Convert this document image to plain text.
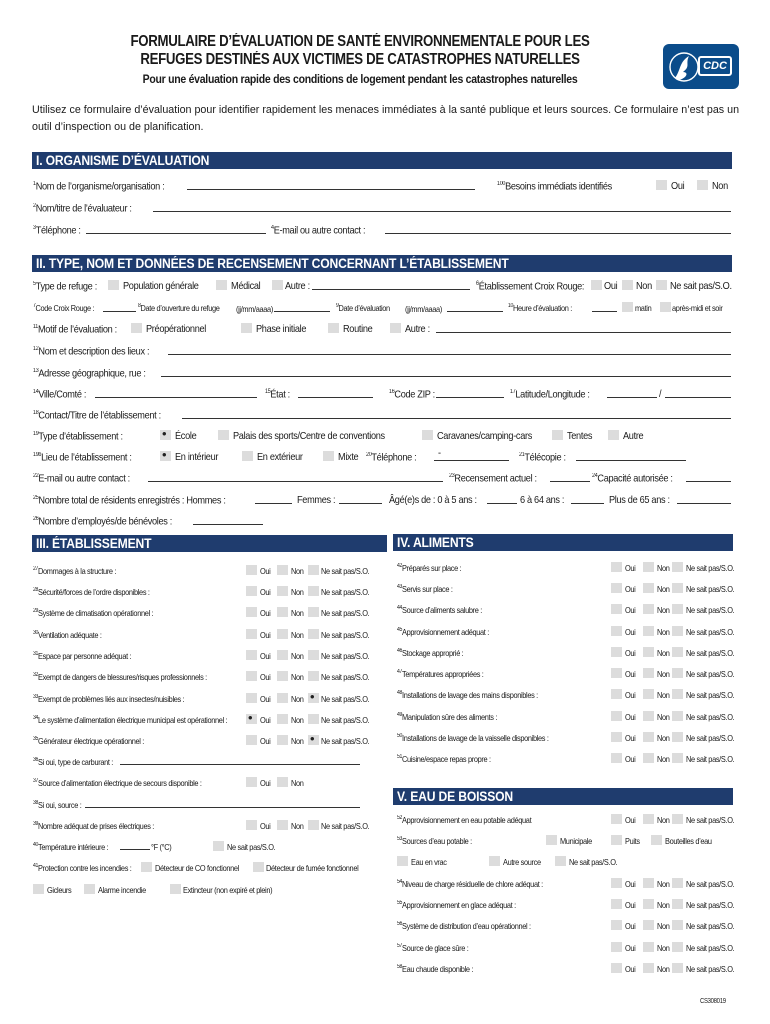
FORMULAIRE D’ÉVALUATION DE SANTÉ ENVIRONNEMENTALE POUR LES
REFUGES DESTINÉS AUX VICTIMES DE CATASTROPHES NATURELLES
Pour une évaluation rapide des conditions de logement pendant les catastrophes naturelles
CDC
Utilisez ce formulaire d’évaluation pour identifier rapidement les menaces immédiates à la santé publique et leurs sources. Ce formulaire n’est pas un outil d’inspection ou de planification.
I. ORGANISME D’ÉVALUATION
$^1$Nom de l’organisme/organisation :	$^{100}$Besoins immédiats identifiés	Oui	Non
$^2$Nom/titre de l’évaluateur :
$^3$Téléphone :	$^4$E-mail ou autre contact :
II. TYPE, NOM ET DONNÉES DE RECENSEMENT CONCERNANT L’ÉTABLISSEMENT
$^5$Type de refuge :	Population générale	Médical Autre :	$^6$Établissement Croix Rouge: Oui Non Ne sait pas/S.O.
$^7$Code Croix Rouge :	$^8$Date d’ouverture du refuge (jj/mm/aaaa)	$^9$Date d’évaluation (jj/mm/aaaa)	$^{10}$Heure d’évaluation :	matin après-midi et soir
$^{11}$Motif de l’évaluation :	Préopérationnel	Phase initiale	Routine	Autre :
$^{12}$Nom et description des lieux :
$^{13}$Adresse géographique, rue :
$^{14}$Ville/Comté :	$^{15}$État :	$^{16}$Code ZIP :	$^{17}$Latitude/Longitude :	/
$^{18}$Contact/Titre de l’établissement :
$^{19}$Type d’établissement : •	École	Palais des sports/Centre de conventions	Caravanes/camping-cars	Tentes	Autre
$^{19b}$Lieu de l’établissement : •	En intérieur	En extérieur	Mixte $^{20}$Téléphone : -	$^{21}$Télécopie :
$^{22}$E-mail ou autre contact :	$^{23}$Recensement actuel :	$^{24}$Capacité autorisée :
$^{25}$Nombre total de résidents enregistrés : Hommes :	Femmes :	Âgé(e)s de : 0 à 5 ans :	6 à 64 ans :	Plus de 65 ans :
$^{26}$Nombre d’employés/de bénévoles :
III. ÉTABLISSEMENT
$^{27}$Dommages à la structure :	Oui Non Ne sait pas/S.O.
$^{28}$Sécurité/forces de l’ordre disponibles :	Oui Non Ne sait pas/S.O.
$^{29}$Système de climatisation opérationnel :	Oui Non Ne sait pas/S.O.
$^{30}$Ventilation adéquate :	Oui Non Ne sait pas/S.O.
$^{31}$Espace par personne adéquat :	Oui Non Ne sait pas/S.O.
$^{32}$Exempt de dangers de blessures/risques professionnels :	Oui Non Ne sait pas/S.O.
$^{33}$Exempt de problèmes liés aux insectes/nuisibles :	Oui Non • Ne sait pas/S.O.
$^{34}$Le système d’alimentation électrique municipal est opérationnel : •	Oui Non Ne sait pas/S.O.
$^{35}$Générateur électrique opérationnel :	Oui Non • Ne sait pas/S.O.
$^{36}$Si oui, type de carburant :
$^{37}$Source d’alimentation électrique de secours disponible :	Oui Non
$^{38}$Si oui, source :
$^{39}$Nombre adéquat de prises électriques :	Oui Non Ne sait pas/S.O.
$^{40}$Température intérieure :	°F (°C)	Ne sait pas/S.O.
$^{41}$Protection contre les incendies :	Détecteur de CO fonctionnel	Détecteur de fumée fonctionnel
Gicleurs	Alarme incendie	Extincteur (non expiré et plein)
IV. ALIMENTS
$^{42}$Préparés sur place :	Oui	Non Ne sait pas/S.O.
$^{43}$Servis sur place :	Oui	Non Ne sait pas/S.O.
$^{44}$Source d’aliments salubre :	Oui	Non Ne sait pas/S.O.
$^{45}$Approvisionnement adéquat :	Oui	Non Ne sait pas/S.O.
$^{46}$Stockage approprié :	Oui	Non Ne sait pas/S.O.
$^{47}$Températures appropriées :	Oui	Non Ne sait pas/S.O.
$^{48}$Installations de lavage des mains disponibles :	Oui	Non Ne sait pas/S.O.
$^{49}$Manipulation sûre des aliments :	Oui	Non Ne sait pas/S.O.
$^{50}$Installations de lavage de la vaisselle disponibles :	Oui	Non Ne sait pas/S.O.
$^{51}$Cuisine/espace repas propre :	Oui	Non Ne sait pas/S.O.
V. EAU DE BOISSON
$^{52}$Approvisionnement en eau potable adéquat	Oui	Non Ne sait pas/S.O.
$^{53}$Sources d’eau potable :	Municipale	Puits	Bouteilles d’eau
Eau en vrac	Autre source	Ne sait pas/S.O.
$^{54}$Niveau de charge résiduelle de chlore adéquat :	Oui	Non Ne sait pas/S.O.
$^{55}$Approvisionnement en glace adéquat :	Oui	Non Ne sait pas/S.O.
$^{56}$Système de distribution d’eau opérationnel :	Oui	Non Ne sait pas/S.O.
$^{57}$Source de glace sûre :	Oui	Non Ne sait pas/S.O.
$^{58}$Eau chaude disponible :	Oui	Non Ne sait pas/S.O.
CS308019
